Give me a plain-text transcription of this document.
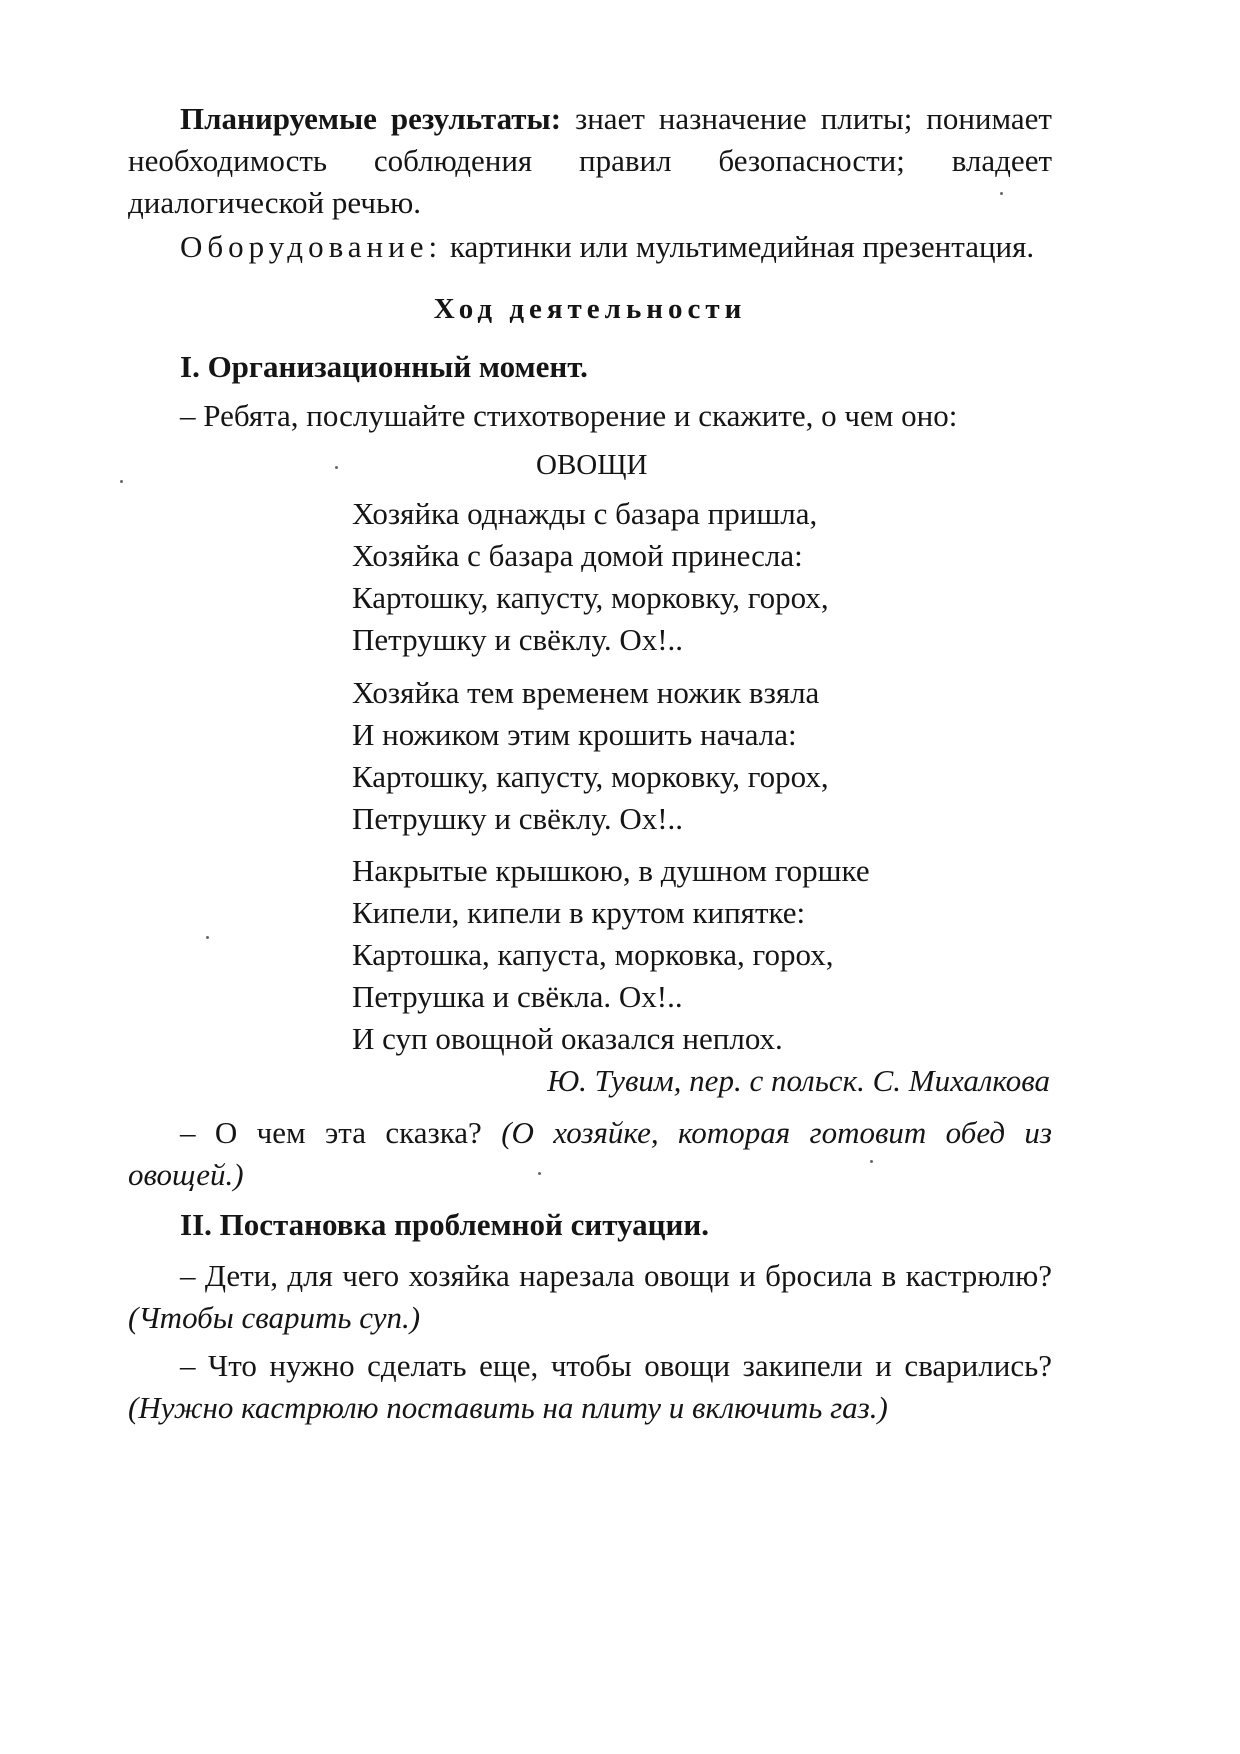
Планируемые результаты: знает назначение плиты; понимает необходимость соблюдения правил безопасности; владеет диалогической речью.
Оборудование: картинки или мультимедийная презентация.
Ход деятельности
I. Организационный момент.
– Ребята, послушайте стихотворение и скажите, о чем оно:
ОВОЩИ
Хозяйка однажды с базара пришла,
Хозяйка с базара домой принесла:
Картошку, капусту, морковку, горох,
Петрушку и свёклу. Ох!..
Хозяйка тем временем ножик взяла
И ножиком этим крошить начала:
Картошку, капусту, морковку, горох,
Петрушку и свёклу. Ох!..
Накрытые крышкою, в душном горшке
Кипели, кипели в крутом кипятке:
Картошка, капуста, морковка, горох,
Петрушка и свёкла. Ох!..
И суп овощной оказался неплох.
Ю. Тувим, пер. с польск. С. Михалкова
– О чем эта сказка? (О хозяйке, которая готовит обед из овощей.)
II. Постановка проблемной ситуации.
– Дети, для чего хозяйка нарезала овощи и бросила в кастрюлю? (Чтобы сварить суп.)
– Что нужно сделать еще, чтобы овощи закипели и сварились? (Нужно кастрюлю поставить на плиту и включить газ.)
